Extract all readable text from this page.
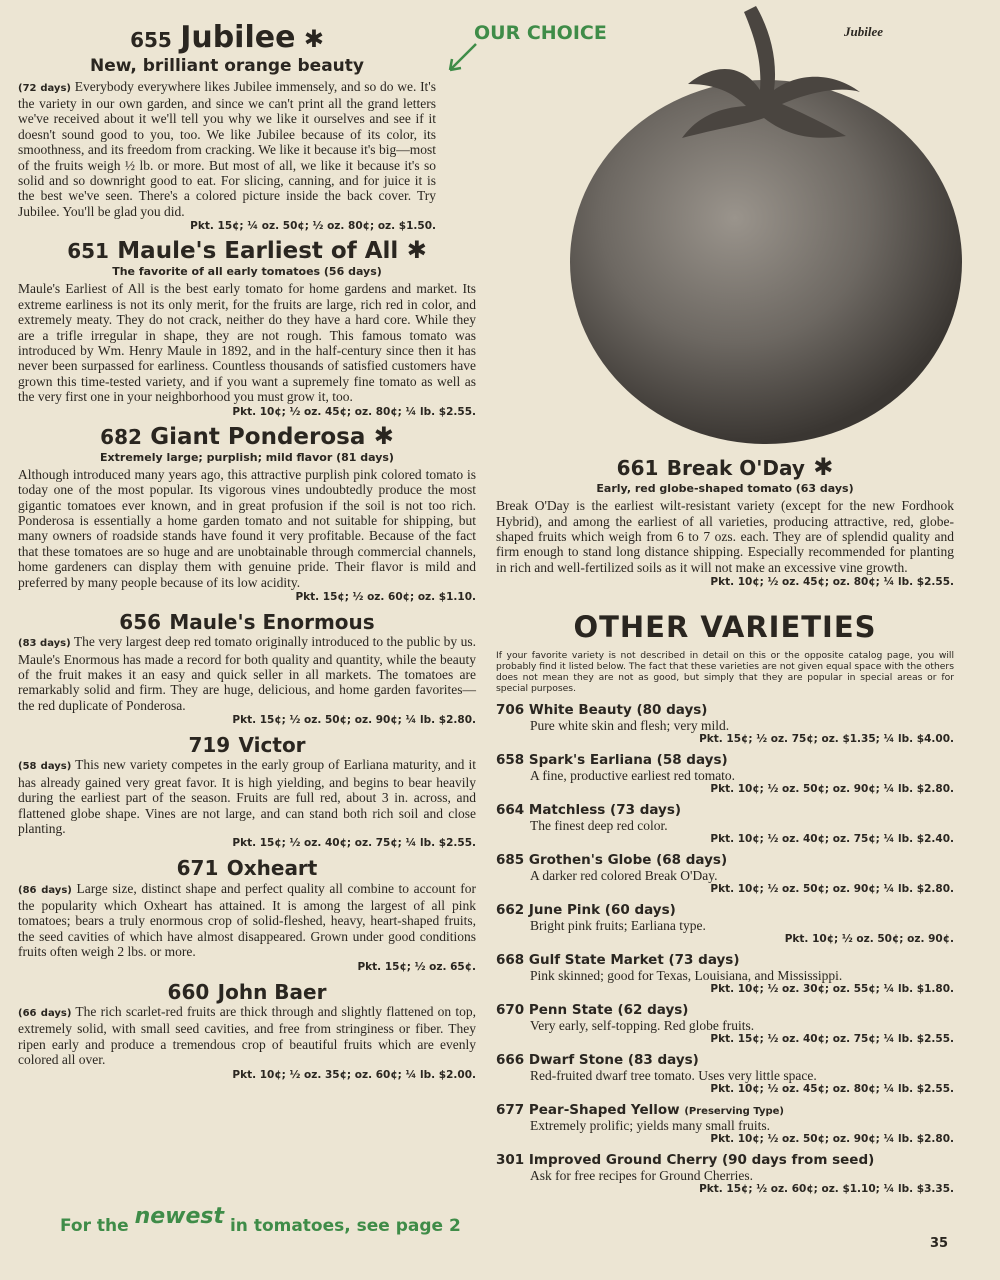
OUR CHOICE	Jubilee
655 Jubilee ✱
New, brilliant orange beauty

(72 days) Everybody everywhere likes Jubilee immensely, and so do we. It's the variety in our own garden, and since we can't print all the grand letters we've received about it we'll tell you why we like it ourselves and see if it doesn't sound good to you, too. We like Jubilee because of its color, its smoothness, and its freedom from cracking. We like it because it's big—most of the fruits weigh ½ lb. or more. But most of all, we like it because it's so solid and so downright good to eat. For slicing, canning, and for juice it is the best we've seen. There's a colored picture inside the back cover. Try Jubilee. You'll be glad you did.

Pkt. 15¢; ¼ oz. 50¢; ½ oz. 80¢; oz. $1.50.
651 Maule's Earliest of All ✱
The favorite of all early tomatoes (56 days)

Maule's Earliest of All is the best early tomato for home gardens and market. Its extreme earliness is not its only merit, for the fruits are large, rich red in color, and extremely meaty. They do not crack, neither do they have a hard core. While they are a trifle irregular in shape, they are not rough. This famous tomato was introduced by Wm. Henry Maule in 1892, and in the half-century since then it has never been surpassed for earliness. Countless thousands of satisfied customers have grown this time-tested variety, and if you want a supremely fine tomato as well as the very first one in your neighborhood you must grow it, too.

Pkt. 10¢; ½ oz. 45¢; oz. 80¢; ¼ lb. $2.55.
682 Giant Ponderosa ✱
Extremely large; purplish; mild flavor (81 days)

Although introduced many years ago, this attractive purplish pink colored tomato is today one of the most popular. Its vigorous vines undoubtedly produce the most gigantic tomatoes ever known, and in great profusion if the soil is not too rich. Ponderosa is essentially a home garden tomato and not suitable for shipping, but many owners of roadside stands have found it very profitable. Because of the fact that these tomatoes are so huge and are unobtainable through commercial channels, home gardeners can display them with genuine pride. Their flavor is mild and preferred by many people because of its low acidity.

Pkt. 15¢; ½ oz. 60¢; oz. $1.10.
656 Maule's Enormous

(83 days) The very largest deep red tomato originally introduced to the public by us. Maule's Enormous has made a record for both quality and quantity, while the beauty of the fruit makes it an easy and quick seller in all markets. The tomatoes are remarkably solid and firm. They are huge, delicious, and home garden favorites—the red duplicate of Ponderosa.

Pkt. 15¢; ½ oz. 50¢; oz. 90¢; ¼ lb. $2.80.
719 Victor

(58 days) This new variety competes in the early group of Earliana maturity, and it has already gained very great favor. It is high yielding, and begins to bear heavily during the earliest part of the season. Fruits are full red, about 3 in. across, and flattened globe shape. Vines are not large, and can stand both rich soil and close planting.

Pkt. 15¢; ½ oz. 40¢; oz. 75¢; ¼ lb. $2.55.
671 Oxheart

(86 days) Large size, distinct shape and perfect quality all combine to account for the popularity which Oxheart has attained. It is among the largest of all pink tomatoes; bears a truly enormous crop of solid-fleshed, heavy, heart-shaped fruits, the seed cavities of which have almost disappeared. Grown under good conditions fruits often weigh 2 lbs. or more.

Pkt. 15¢; ½ oz. 65¢.
660 John Baer

(66 days) The rich scarlet-red fruits are thick through and slightly flattened on top, extremely solid, with small seed cavities, and free from stringiness or fiber. They ripen early and produce a tremendous crop of beautiful fruits which are evenly colored all over.

Pkt. 10¢; ½ oz. 35¢; oz. 60¢; ¼ lb. $2.00.
661 Break O'Day ✱
Early, red globe-shaped tomato (63 days)

Break O'Day is the earliest wilt-resistant variety (except for the new Fordhook Hybrid), and among the earliest of all varieties, producing attractive, red, globe-shaped fruits which weigh from 6 to 7 ozs. each. They are of splendid quality and firm enough to stand long distance shipping. Especially recommended for planting in rich and well-fertilized soils as it will not make an excessive vine growth.

Pkt. 10¢; ½ oz. 45¢; oz. 80¢; ¼ lb. $2.55.
OTHER VARIETIES

If your favorite variety is not described in detail on this or the opposite catalog page, you will probably find it listed below. The fact that these varieties are not given equal space with the others does not mean they are not as good, but simply that they are popular in special areas or for special purposes.

706 White Beauty (80 days)
Pure white skin and flesh; very mild.
Pkt. 15¢; ½ oz. 75¢; oz. $1.35; ¼ lb. $4.00.
658 Spark's Earliana (58 days)
A fine, productive earliest red tomato.
Pkt. 10¢; ½ oz. 50¢; oz. 90¢; ¼ lb. $2.80.
664 Matchless (73 days)
The finest deep red color.
Pkt. 10¢; ½ oz. 40¢; oz. 75¢; ¼ lb. $2.40.
685 Grothen's Globe (68 days)
A darker red colored Break O'Day.
Pkt. 10¢; ½ oz. 50¢; oz. 90¢; ¼ lb. $2.80.
662 June Pink (60 days)
Bright pink fruits; Earliana type.
Pkt. 10¢; ½ oz. 50¢; oz. 90¢.
668 Gulf State Market (73 days)
Pink skinned; good for Texas, Louisiana, and Mississippi.
Pkt. 10¢; ½ oz. 30¢; oz. 55¢; ¼ lb. $1.80.
670 Penn State (62 days)
Very early, self-topping. Red globe fruits.
Pkt. 15¢; ½ oz. 40¢; oz. 75¢; ¼ lb. $2.55.
666 Dwarf Stone (83 days)
Red-fruited dwarf tree tomato. Uses very little space.
Pkt. 10¢; ½ oz. 45¢; oz. 80¢; ¼ lb. $2.55.
677 Pear-Shaped Yellow (Preserving Type)
Extremely prolific; yields many small fruits.
Pkt. 10¢; ½ oz. 50¢; oz. 90¢; ¼ lb. $2.80.
301 Improved Ground Cherry (90 days from seed)
Ask for free recipes for Ground Cherries.
Pkt. 15¢; ½ oz. 60¢; oz. $1.10; ¼ lb. $3.35.
For the newest in tomatoes, see page 2
35
